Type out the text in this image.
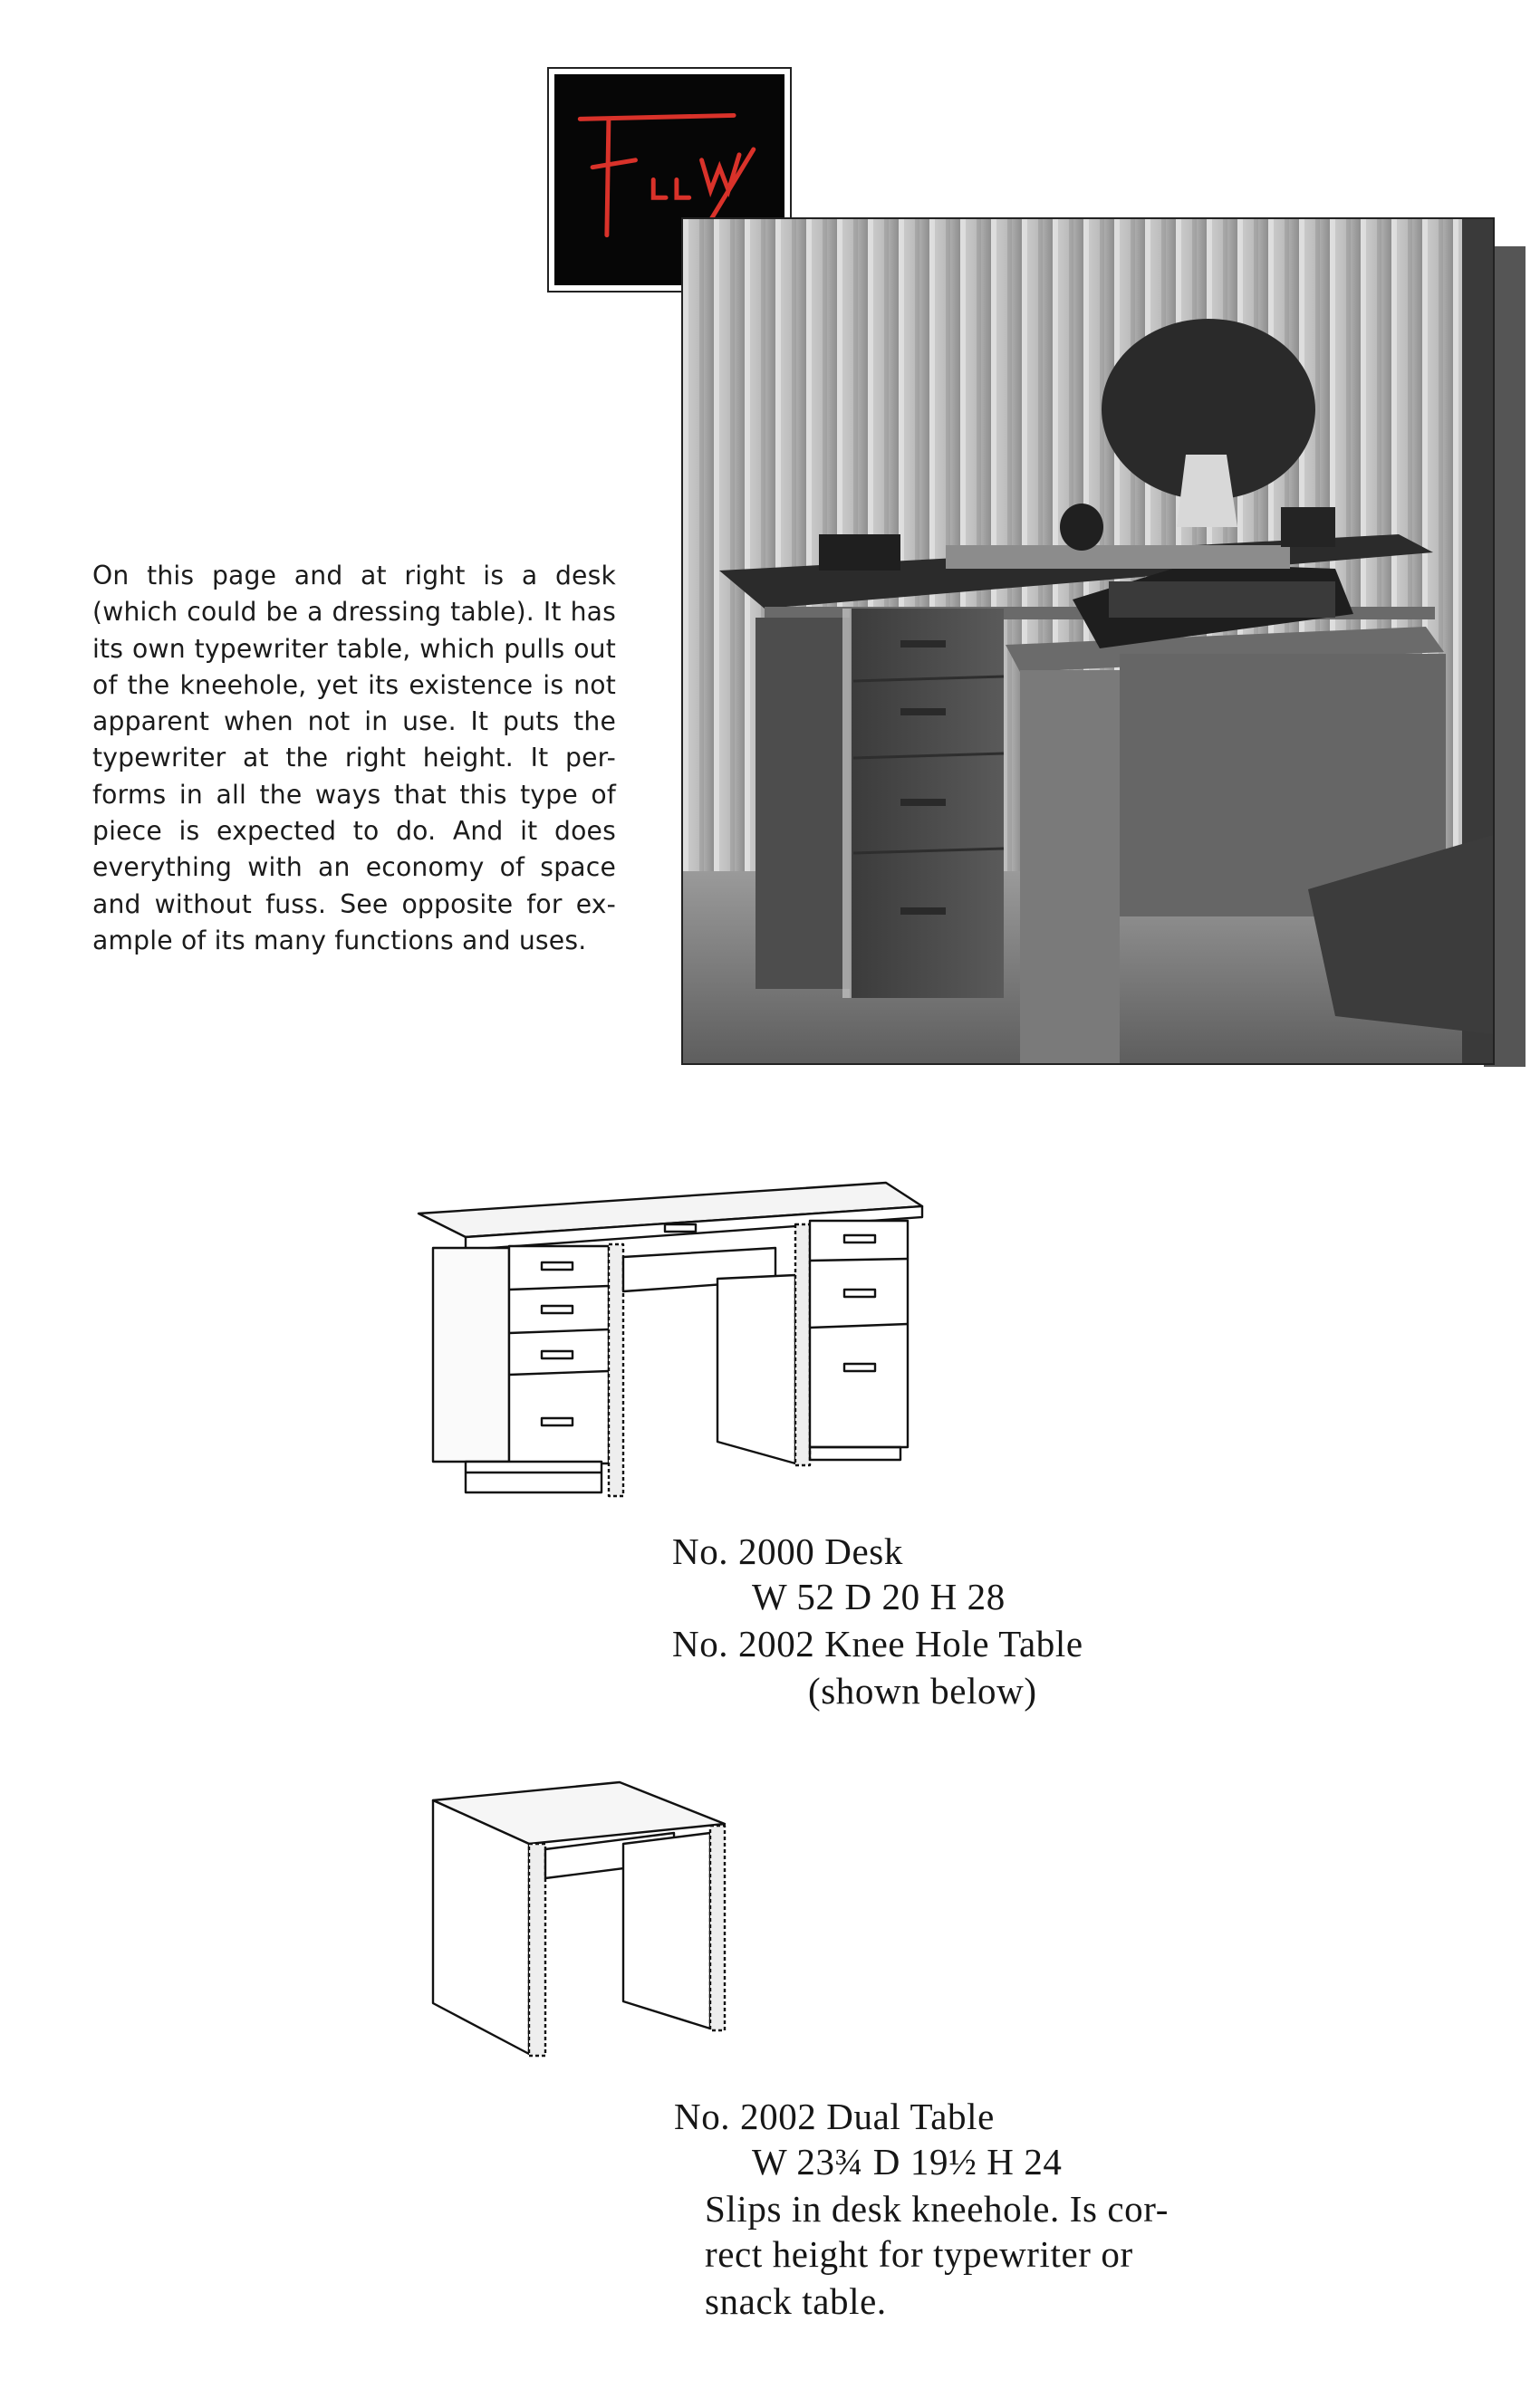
On this page and at right is a desk
(which could be a dressing table). It has
its own typewriter table, which pulls out
of the kneehole, yet its existence is not
apparent when not in use. It puts the
typewriter at the right height. It per-
forms in all the ways that this type of
piece is expected to do. And it does
everything with an economy of space
and without fuss. See opposite for ex-
ample of its many functions and uses.
No. 2000 Desk
W 52 D 20 H 28
No. 2002 Knee Hole Table
(shown below)
No. 2002 Dual Table
W 23¾ D 19½ H 24
Slips in desk kneehole. Is cor-
rect height for typewriter or
snack table.
